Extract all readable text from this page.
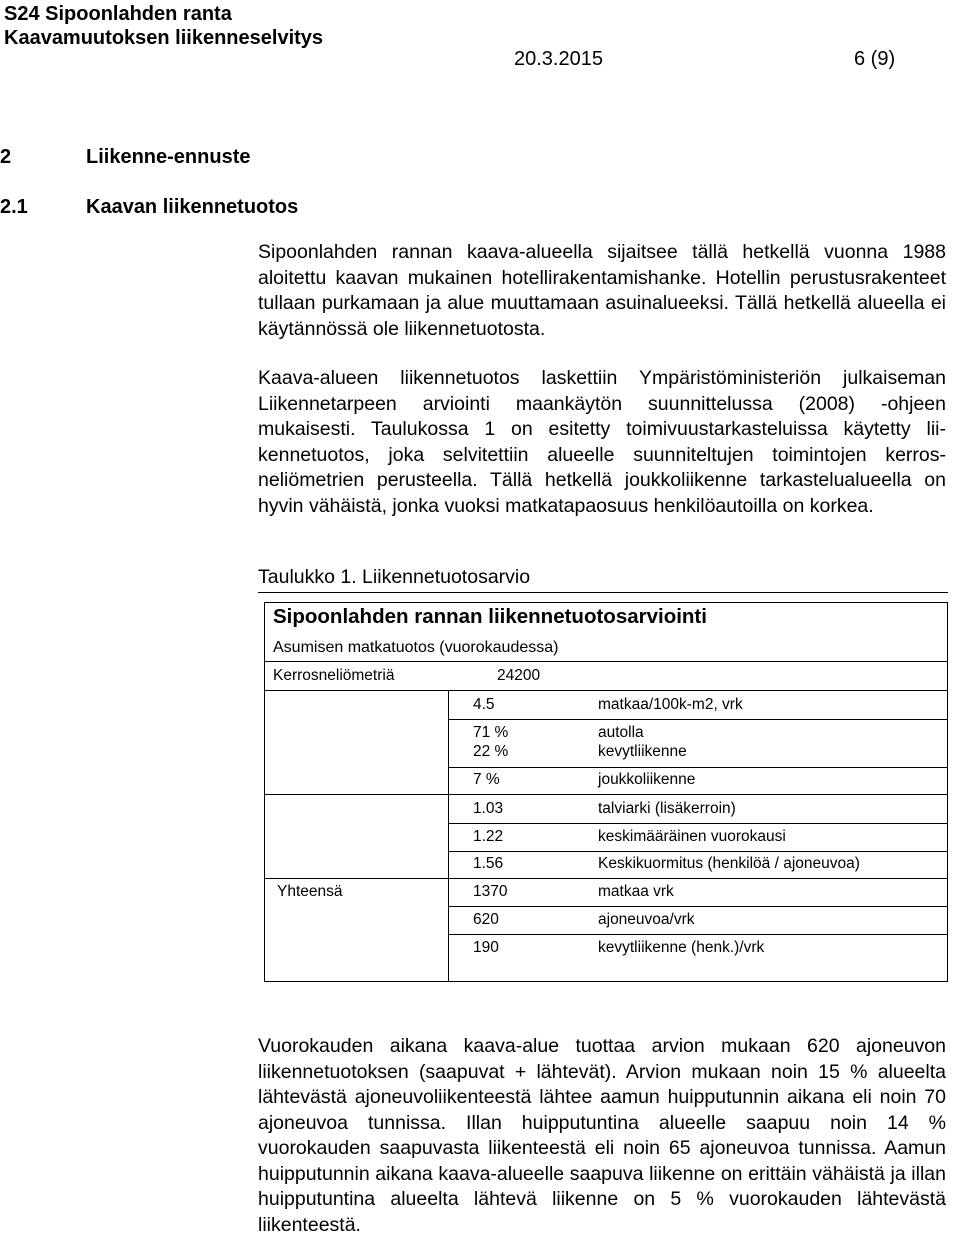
S24 Sipoonlahden ranta
Kaavamuutoksen liikenneselvitys
20.3.2015	6 (9)
2	Liikenne-ennuste
2.1	Kaavan liikennetuotos

Sipoonlahden rannan kaava-alueella sijaitsee tällä hetkellä vuonna 1988 aloitettu kaavan mukainen hotellirakentamishanke. Hotellin perustusrakenteet tullaan purkamaan ja alue muuttamaan asuinalueeksi. Tällä hetkellä alueella ei käytännössä ole liikennetuotosta.

Kaava-alueen liikennetuotos laskettiin Ympäristöministeriön julkaiseman Liikennetarpeen arviointi maankäytön suunnittelussa (2008) -ohjeen mukaisesti. Taulukossa 1 on esitetty toimivuustarkasteluissa käytetty liikennetuotos, joka selvitettiin alueelle suunniteltujen toimintojen kerrosneliömetrien perusteella. Tällä hetkellä joukkoliikenne tarkastelualueella on hyvin vähäistä, jonka vuoksi matkatapaosuus henkilöautoilla on korkea.

Taulukko 1. Liikennetuotosarvio
Sipoonlahden rannan liikennetuotosarviointi
Asumisen matkatuotos (vuorokaudessa)
Kerrosneliömetriä	24200
4.5	matkaa/100k-m2, vrk
71 %	autolla
22 %	kevytliikenne
7 %	joukkoliikenne
1.03	talviarki (lisäkerroin)
1.22	keskimääräinen vuorokausi
1.56	Keskikuormitus (henkilöä / ajoneuvoa)
Yhteensä	1370	matkaa vrk
620	ajoneuvoa/vrk
190	kevytliikenne (henk.)/vrk

Vuorokauden aikana kaava-alue tuottaa arvion mukaan 620 ajoneuvon liikennetuotoksen (saapuvat + lähtevät). Arvion mukaan noin 15 % alueelta lähtevästä ajoneuvoliikenteestä lähtee aamun huipputunnin aikana eli noin 70 ajoneuvoa tunnissa. Illan huipputuntina alueelle saapuu noin 14 % vuorokauden saapuvasta liikenteestä eli noin 65 ajoneuvoa tunnissa. Aamun huipputunnin aikana kaava-alueelle saapuva liikenne on erittäin vähäistä ja illan huipputuntina alueelta lähtevä liikenne on 5 % vuorokauden lähtevästä liikenteestä.
